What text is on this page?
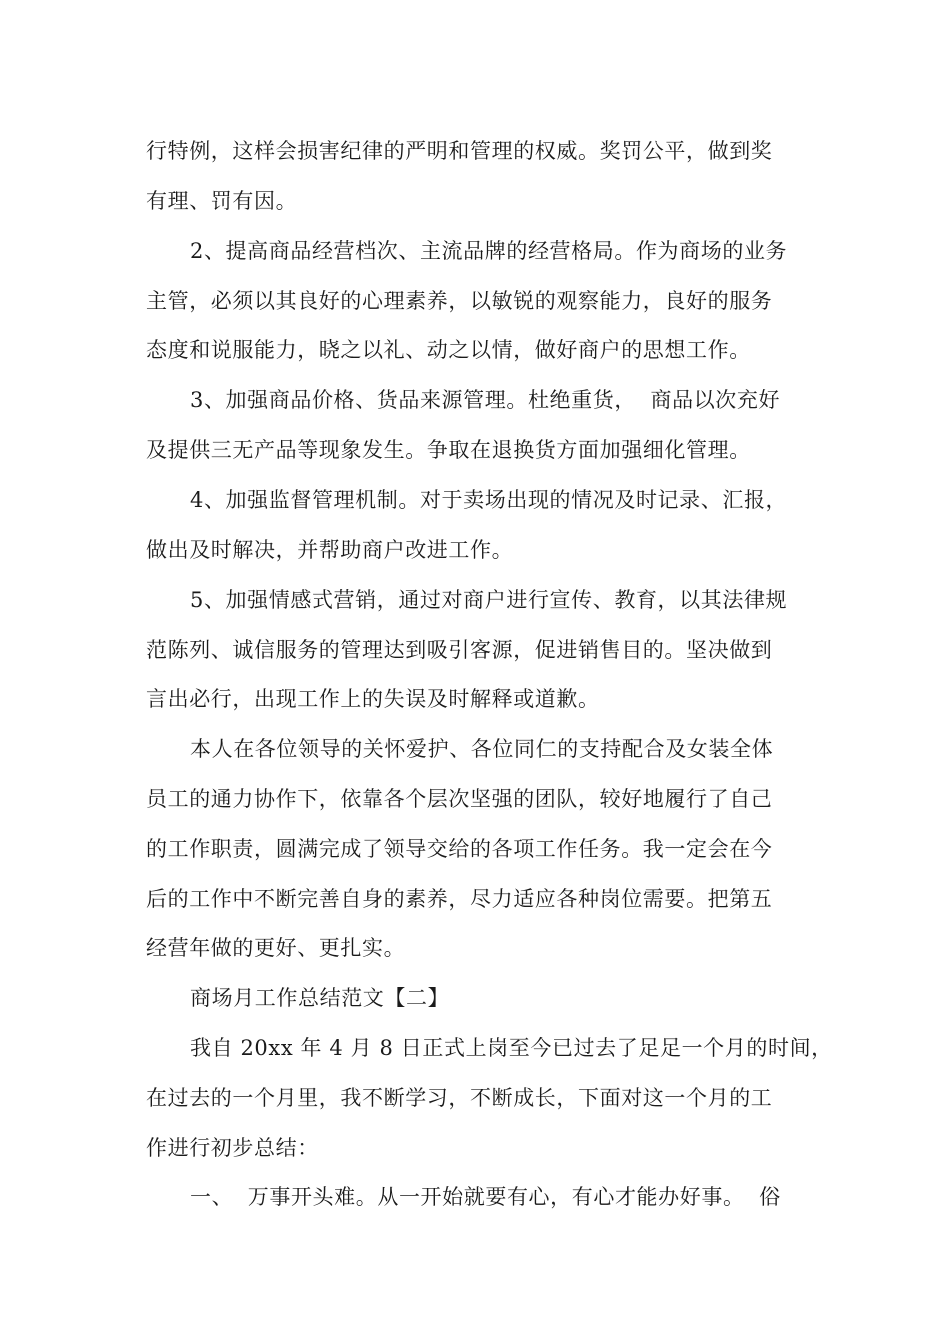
行特例，这样会损害纪律的严明和管理的权威。奖罚公平，做到奖
有理、罚有因。
2、提高商品经营档次、主流品牌的经营格局。作为商场的业务
主管，必须以其良好的心理素养，以敏锐的观察能力，良好的服务
态度和说服能力，晓之以礼、动之以情，做好商户的思想工作。
3、加强商品价格、货品来源管理。杜绝重货，  商品以次充好
及提供三无产品等现象发生。争取在退换货方面加强细化管理。
4、加强监督管理机制。对于卖场出现的情况及时记录、汇报，
做出及时解决，并帮助商户改进工作。
5、加强情感式营销，通过对商户进行宣传、教育，以其法律规
范陈列、诚信服务的管理达到吸引客源，促进销售目的。坚决做到
言出必行，出现工作上的失误及时解释或道歉。
本人在各位领导的关怀爱护、各位同仁的支持配合及女装全体
员工的通力协作下，依靠各个层次坚强的团队，较好地履行了自己
的工作职责，圆满完成了领导交给的各项工作任务。我一定会在今
后的工作中不断完善自身的素养，尽力适应各种岗位需要。把第五
经营年做的更好、更扎实。
商场月工作总结范文【二】
我自 20xx 年 4 月 8 日正式上岗至今已过去了足足一个月的时间，
在过去的一个月里，我不断学习，不断成长，下面对这一个月的工
作进行初步总结：
一、  万事开头难。从一开始就要有心，有心才能办好事。  俗
